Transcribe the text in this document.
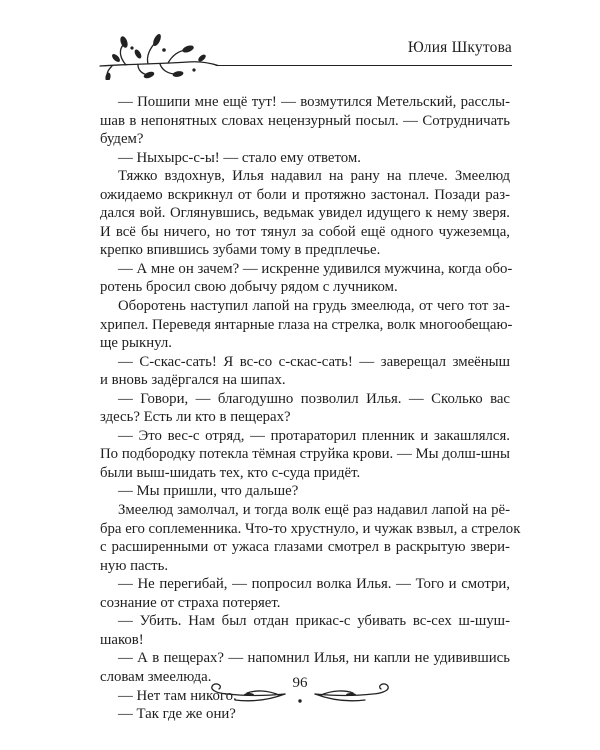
Юлия Шкутова

— Пошипи мне ещё тут! — возмутился Метельский, расслы-

шав в непонятных словах нецензурный посыл. — Сотрудничать

будем?

— Ныхырс-с-ы! — стало ему ответом.

Тяжко вздохнув, Илья надавил на рану на плече. Змеелюд

ожидаемо вскрикнул от боли и протяжно застонал. Позади раз-

дался вой. Оглянувшись, ведьмак увидел идущего к нему зверя.

И всё бы ничего, но тот тянул за собой ещё одного чужеземца,

крепко впившись зубами тому в предплечье.

— А мне он зачем? — искренне удивился мужчина, когда обо-

ротень бросил свою добычу рядом с лучником.

Оборотень наступил лапой на грудь змеелюда, от чего тот за-

хрипел. Переведя янтарные глаза на стрелка, волк многообещаю-

ще рыкнул.

— С-скас-сать! Я вс-со с-скас-сать! — заверещал змеёныш

и вновь задёргался на шипах.

— Говори, — благодушно позволил Илья. — Сколько вас

здесь? Есть ли кто в пещерах?

— Это вес-с отряд, — протараторил пленник и закашлялся.

По подбородку потекла тёмная струйка крови. — Мы долш-шны

были выш-шидать тех, кто с-суда придёт.

— Мы пришли, что дальше?

Змеелюд замолчал, и тогда волк ещё раз надавил лапой на рё-

бра его соплеменника. Что-то хрустнуло, и чужак взвыл, а стрелок

с расширенными от ужаса глазами смотрел в раскрытую звери-

ную пасть.

— Не перегибай, — попросил волка Илья. — Того и смотри,

сознание от страха потеряет.

— Убить. Нам был отдан прикас-с убивать вс-сех ш-шуш-

шаков!

— А в пещерах? — напомнил Илья, ни капли не удивившись

словам змеелюда.

— Нет там никого.

— Так где же они?

96
